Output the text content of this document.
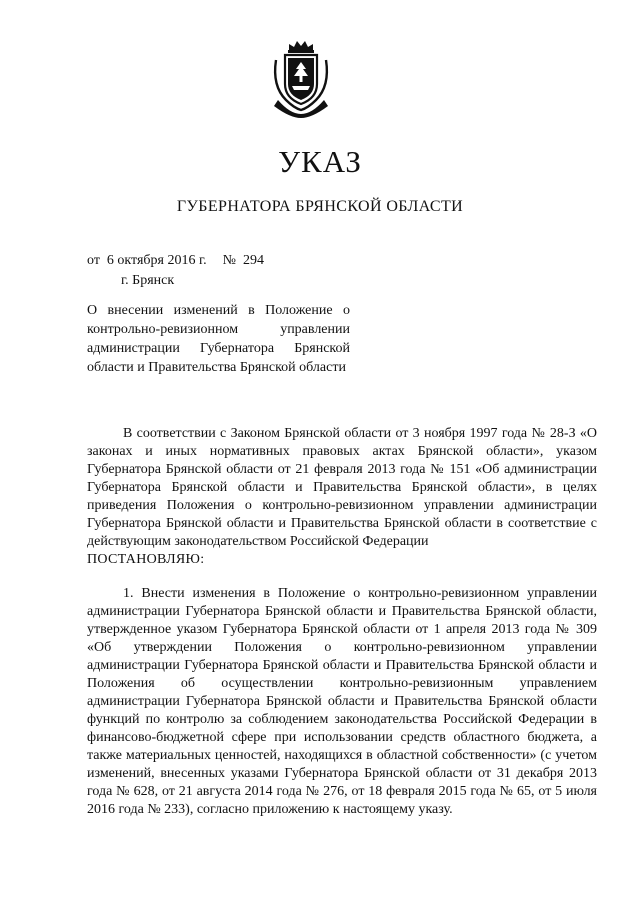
УКАЗ
ГУБЕРНАТОРА БРЯНСКОЙ ОБЛАСТИ
от  6 октября 2016 г. №  294
г. Брянск
О внесении изменений в Положение о контрольно-ревизионном управлении администрации Губернатора Брянской области и Правительства Брянской области

В соответствии с Законом Брянской области от 3 ноября 1997 года № 28-З «О законах и иных нормативных правовых актах Брянской области», указом Губернатора Брянской области от 21 февраля 2013 года № 151 «Об администрации Губернатора Брянской области и Правительства Брянской области», в целях приведения Положения о контрольно-ревизионном управлении администрации Губернатора Брянской области и Правительства Брянской области в соответствие с действующим законодательством Российской Федерации

ПОСТАНОВЛЯЮ:

1. Внести изменения в Положение о контрольно-ревизионном управлении администрации Губернатора Брянской области и Правительства Брянской области, утвержденное указом Губернатора Брянской области от 1 апреля 2013 года № 309 «Об утверждении Положения о контрольно-ревизионном управлении администрации Губернатора Брянской области и Правительства Брянской области и Положения об осуществлении контрольно-ревизионным управлением администрации Губернатора Брянской области и Правительства Брянской области функций по контролю за соблюдением законодательства Российской Федерации в финансово-бюджетной сфере при использовании средств областного бюджета, а также материальных ценностей, находящихся в областной собственности» (с учетом изменений, внесенных указами Губернатора Брянской области от 31 декабря 2013 года № 628, от 21 августа 2014 года № 276, от 18 февраля 2015 года № 65, от 5 июля 2016 года № 233), согласно приложению к настоящему указу.
